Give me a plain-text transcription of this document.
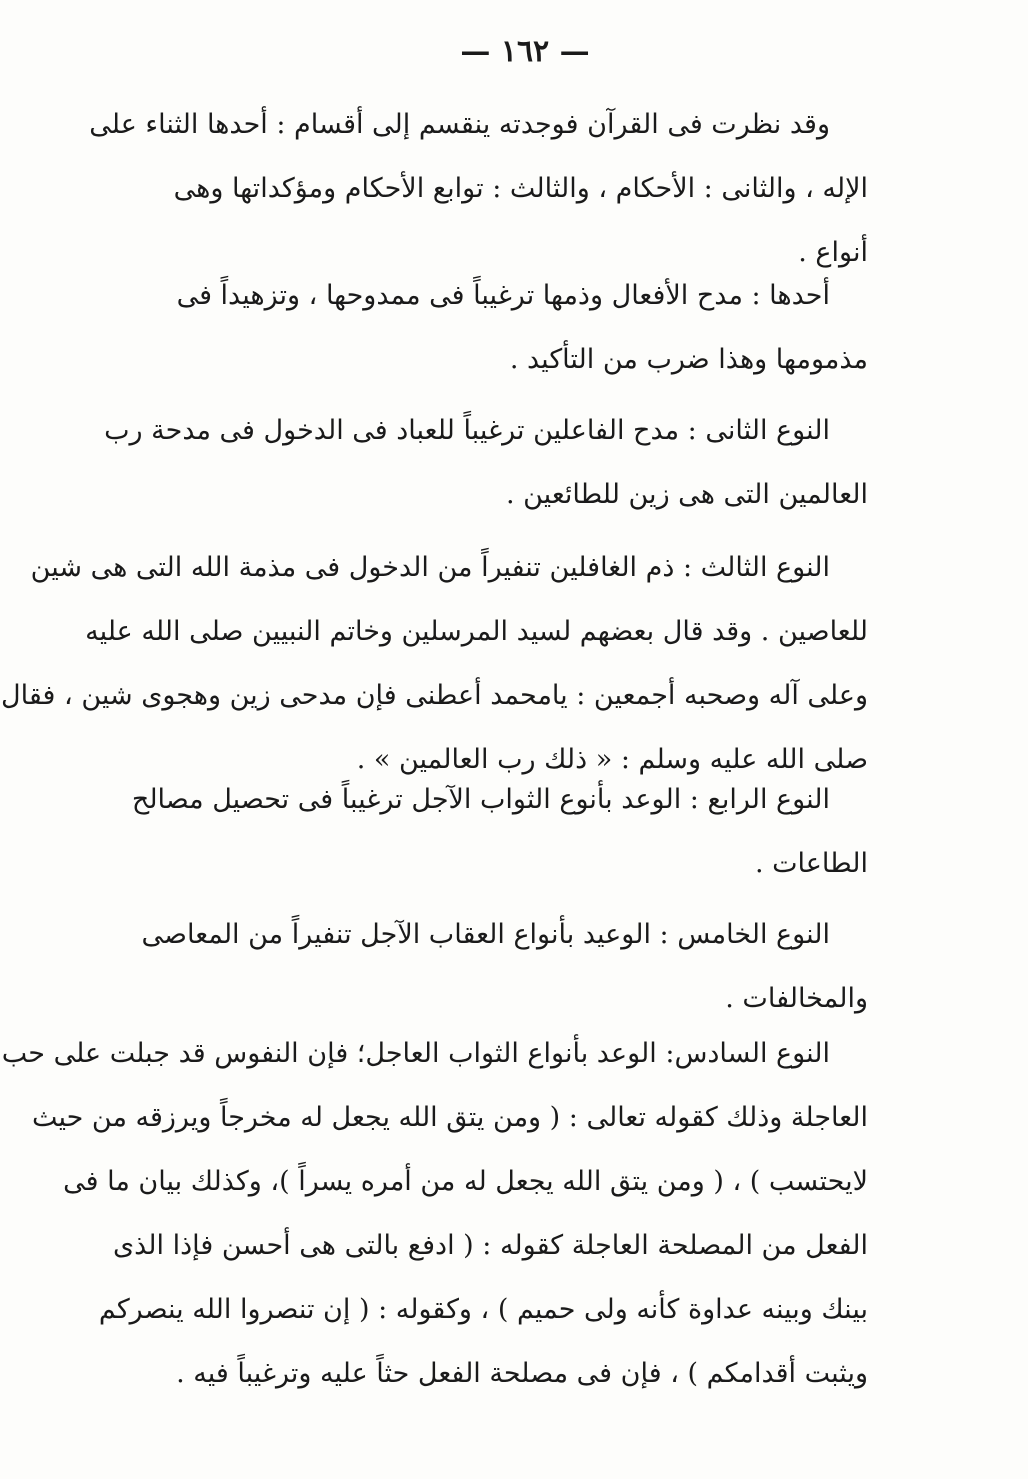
— ١٦٢ —
وقد نظرت فى القرآن فوجدته ينقسم إلى أقسام : أحدها الثناء على
الإله ، والثانى : الأحكام ، والثالث : توابع الأحكام ومؤكداتها وهى
أنواع .
أحدها : مدح الأفعال وذمها ترغيباً فى ممدوحها ، وتزهيداً فى
مذمومها وهذا ضرب من التأكيد .
النوع الثانى : مدح الفاعلين ترغيباً للعباد فى الدخول فى مدحة رب
العالمين التى هى زين للطائعين .
النوع الثالث : ذم الغافلين تنفيراً من الدخول فى مذمة الله التى هى شين
للعاصين . وقد قال بعضهم لسيد المرسلين وخاتم النبيين صلى الله عليه
وعلى آله وصحبه أجمعين : يامحمد أعطنى فإن مدحى زين وهجوى شين ، فقال
صلى الله عليه وسلم : « ذلك رب العالمين » .
النوع الرابع : الوعد بأنوع الثواب الآجل ترغيباً فى تحصيل مصالح
الطاعات .
النوع الخامس : الوعيد بأنواع العقاب الآجل تنفيراً من المعاصى
والمخالفات .
النوع السادس: الوعد بأنواع الثواب العاجل؛ فإن النفوس قد جبلت على حب
العاجلة وذلك كقوله تعالى : ( ومن يتق الله يجعل له مخرجاً ويرزقه من حيث
لايحتسب ) ، ( ومن يتق الله يجعل له من أمره يسراً )، وكذلك بيان ما فى
الفعل من المصلحة العاجلة كقوله : ( ادفع بالتى هى أحسن فإذا الذى
بينك وبينه عداوة كأنه ولى حميم ) ، وكقوله : ( إن تنصروا الله ينصركم
ويثبت أقدامكم ) ، فإن فى مصلحة الفعل حثاً عليه وترغيباً فيه .
